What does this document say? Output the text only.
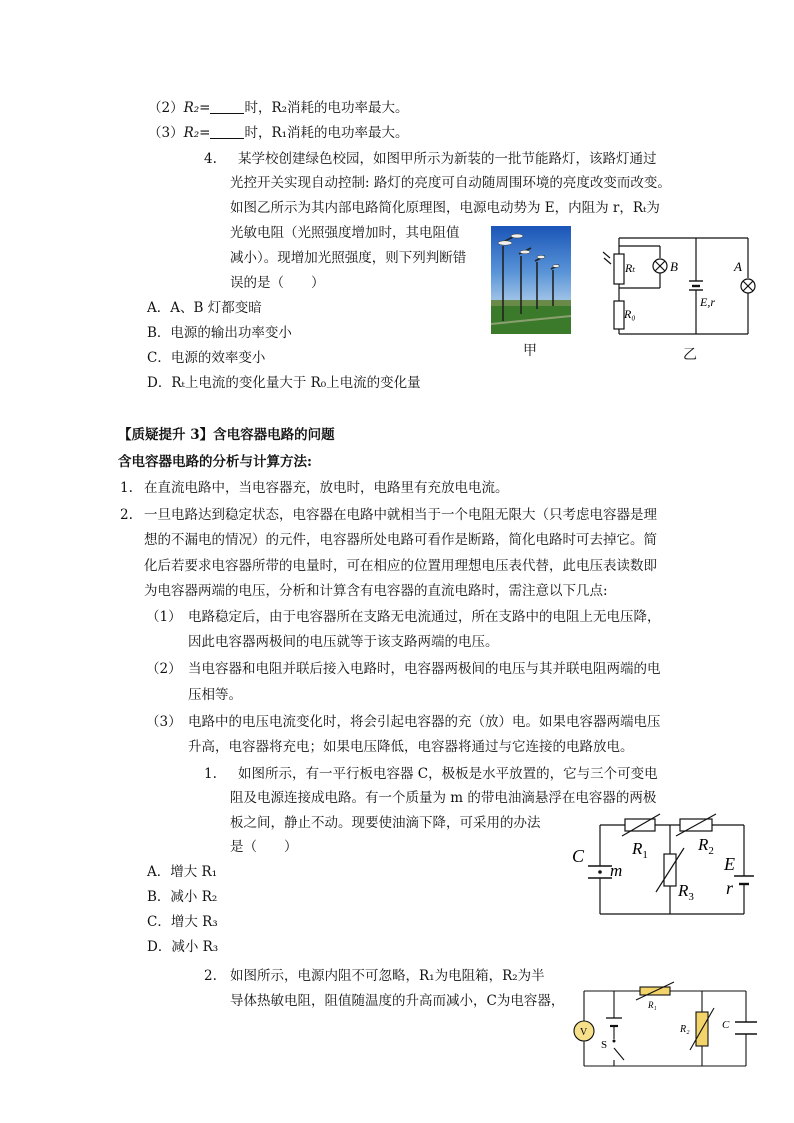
（2）R₂=	时，R₂消耗的电功率最大。
（3）R₂=	时，R₁消耗的电功率最大。
4. 某学校创建绿色校园，如图甲所示为新装的一批节能路灯，该路灯通过
光控开关实现自动控制: 路灯的亮度可自动随周围环境的亮度改变而改变。
如图乙所示为其内部电路简化原理图，电源电动势为 E，内阻为 r，Rₜ为
光敏电阻（光照强度增加时，其电阻值
减小）。现增加光照强度，则下列判断错
误的是（　　）
A．A、B 灯都变暗
B．电源的输出功率变小
C．电源的效率变小
D．Rₜ上电流的变化量大于 R₀上电流的变化量
甲
Rₜ	B	A
E,r
R₀
乙
【质疑提升 3】含电容器电路的问题
含电容器电路的分析与计算方法:
1. 在直流电路中，当电容器充，放电时，电路里有充放电电流。
2. 一旦电路达到稳定状态，电容器在电路中就相当于一个电阻无限大（只考虑电容器是理
想的不漏电的情况）的元件，电容器所处电路可看作是断路，简化电路时可去掉它。简
化后若要求电容器所带的电量时，可在相应的位置用理想电压表代替，此电压表读数即
为电容器两端的电压，分析和计算含有电容器的直流电路时，需注意以下几点:
（1） 电路稳定后，由于电容器所在支路无电流通过，所在支路中的电阻上无电压降，
因此电容器两极间的电压就等于该支路两端的电压。
（2） 当电容器和电阻并联后接入电路时，电容器两极间的电压与其并联电阻两端的电
压相等。
（3） 电路中的电压电流变化时，将会引起电容器的充（放）电。如果电容器两端电压
升高，电容器将充电；如果电压降低，电容器将通过与它连接的电路放电。
1. 如图所示，有一平行板电容器 C，极板是水平放置的，它与三个可变电
阻及电源连接成电路。有一个质量为 m 的带电油滴悬浮在电容器的两极
板之间，静止不动。现要使油滴下降，可采用的办法
是（　　）
A．增大 R₁
B．减小 R₂
C．增大 R₃
D．减小 R₃
C
m
$R_1$
$R_2$
$R_3$
E
r
2. 如图所示，电源内阻不可忽略，R₁为电阻箱，R₂为半
导体热敏电阻，阻值随温度的升高而减小，C为电容器，
V
S
R₁
R₂	C
